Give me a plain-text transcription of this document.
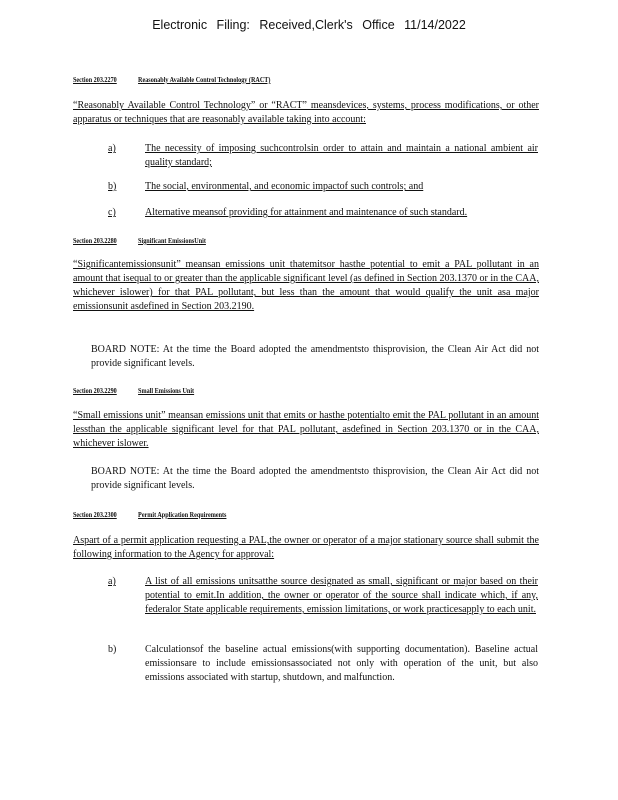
Electronic Filing: Received,Clerk's Office 11/14/2022
Section 203.2270	Reasonably Available Control Technology (RACT)
“Reasonably Available Control Technology” or “RACT” meansdevices, systems, process modifications, or other apparatus or techniques that are reasonably available taking into account:
a)	The necessity of imposing suchcontrolsin order to attain and maintain a national ambient air quality standard;
b)	The social, environmental, and economic impactof such controls; and
c)	Alternative meansof providing for attainment and maintenance of such standard.
Section 203.2280	Significant EmissionsUnit
“Significantemissionsunit” meansan emissions unit thatemitsor hasthe potential to emit a PAL pollutant in an amount that isequal to or greater than the applicable significant level (as defined in Section 203.1370 or in the CAA, whichever islower) for that PAL pollutant, but less than the amount that would qualify the unit asa major emissionsunit asdefined in Section 203.2190.
BOARD NOTE: At the time the Board adopted the amendmentsto thisprovision, the Clean Air Act did not provide significant levels.
Section 203.2290	Small Emissions Unit
“Small emissions unit” meansan emissions unit that emits or hasthe potentialto emit the PAL pollutant in an amount lessthan the applicable significant level for that PAL pollutant, asdefined in Section 203.1370 or in the CAA, whichever islower.
BOARD NOTE: At the time the Board adopted the amendmentsto thisprovision, the Clean Air Act did not provide significant levels.
Section 203.2300	Permit Application Requirements
Aspart of a permit application requesting a PAL,the owner or operator of a major stationary source shall submit the following information to the Agency for approval:
a)	A list of all emissions unitsatthe source designated as small, significant or major based on their potential to emit.In addition, the owner or operator of the source shall indicate which, if any, federalor State applicable requirements, emission limitations, or work practicesapply to each unit.
b)	Calculationsof the baseline actual emissions(with supporting documentation). Baseline actual emissionsare to include emissionsassociated not only with operation of the unit, but also emissions associated with startup, shutdown, and malfunction.
